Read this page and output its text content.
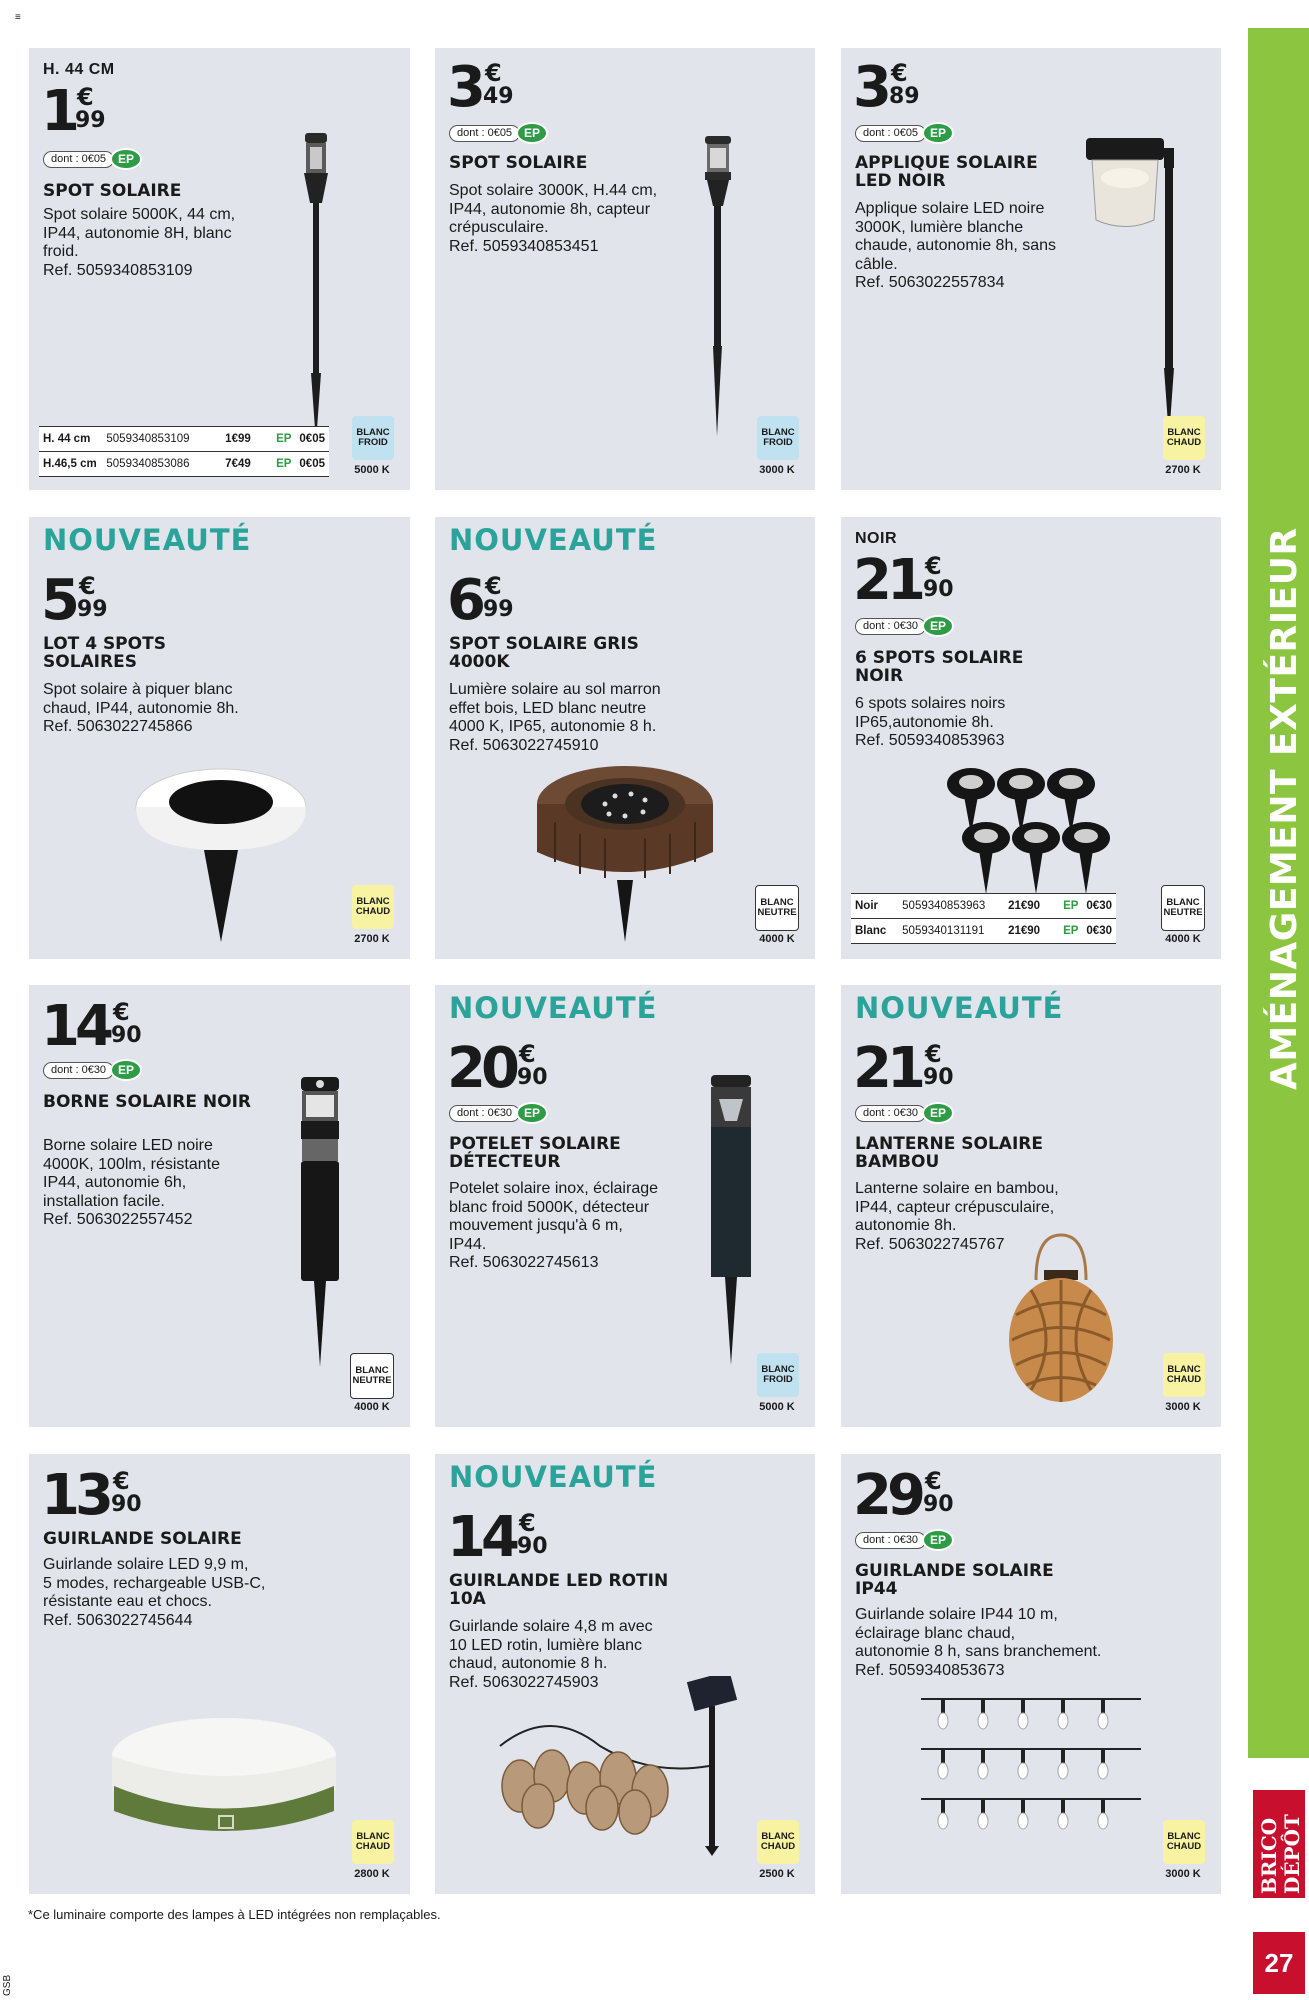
≡
GSB
H. 44 CM
1 €
99
dont : 0€05 EP
SPOT SOLAIRE
Spot solaire 5000K, 44 cm,
IP44, autonomie 8H, blanc
froid.
Ref. 5059340853109
H. 44 cm	5059340853109	1€99	EP 0€05
H.46,5 cm 5059340853086	7€49	EP 0€05
BLANC
FROID
5000 K
3 €
49
dont : 0€05 EP
SPOT SOLAIRE
Spot solaire 3000K, H.44 cm,
IP44, autonomie 8h, capteur
crépusculaire.
Ref. 5059340853451
BLANC
FROID
3000 K
3 €
89
dont : 0€05 EP
APPLIQUE SOLAIRE LED NOIR
Applique solaire LED noire
3000K, lumière blanche
chaude, autonomie 8h, sans
câble.
Ref. 5063022557834
BLANC
CHAUD
2700 K
NOUVEAUTÉ
5 €
99
LOT 4 SPOTS SOLAIRES
Spot solaire à piquer blanc
chaud, IP44, autonomie 8h.
Ref. 5063022745866
BLANC
CHAUD
2700 K
NOUVEAUTÉ
6 €
99
SPOT SOLAIRE GRIS 4000K
Lumière solaire au sol marron
effet bois, LED blanc neutre
4000 K, IP65, autonomie 8 h.
Ref. 5063022745910
BLANC
NEUTRE
4000 K
NOIR
21 €
90
dont : 0€30 EP
6 SPOTS SOLAIRE NOIR
6 spots solaires noirs
IP65,autonomie 8h.
Ref. 5059340853963
Noir	5059340853963	21€90	EP 0€30
Blanc	5059340131191	21€90	EP 0€30
BLANC
NEUTRE
4000 K
14 €
90
dont : 0€30 EP
BORNE SOLAIRE NOIR
Borne solaire LED noire
4000K, 100lm, résistante
IP44, autonomie 6h,
installation facile.
Ref. 5063022557452
BLANC
NEUTRE
4000 K
NOUVEAUTÉ
20 €
90
dont : 0€30 EP
POTELET SOLAIRE DÉTECTEUR
Potelet solaire inox, éclairage
blanc froid 5000K, détecteur
mouvement jusqu'à 6 m,
IP44.
Ref. 5063022745613
BLANC
FROID
5000 K
NOUVEAUTÉ
21 €
90
dont : 0€30 EP
LANTERNE SOLAIRE BAMBOU
Lanterne solaire en bambou,
IP44, capteur crépusculaire,
autonomie 8h.
Ref. 5063022745767
BLANC
CHAUD
3000 K
13 €
90
GUIRLANDE SOLAIRE
Guirlande solaire LED 9,9 m,
5 modes, rechargeable USB-C,
résistante eau et chocs.
Ref. 5063022745644
BLANC
CHAUD
2800 K
NOUVEAUTÉ
14 €
90
GUIRLANDE LED ROTIN 10A
Guirlande solaire 4,8 m avec
10 LED rotin, lumière blanc
chaud, autonomie 8 h.
Ref. 5063022745903
BLANC
CHAUD
2500 K
29 €
90
dont : 0€30 EP
GUIRLANDE SOLAIRE IP44
Guirlande solaire IP44 10 m,
éclairage blanc chaud,
autonomie 8 h, sans branchement.
Ref. 5059340853673
BLANC
CHAUD
3000 K
*Ce luminaire comporte des lampes à LED intégrées non remplaçables.
AMÉNAGEMENT EXTÉRIEUR
BRICO DÉPÔT
27
